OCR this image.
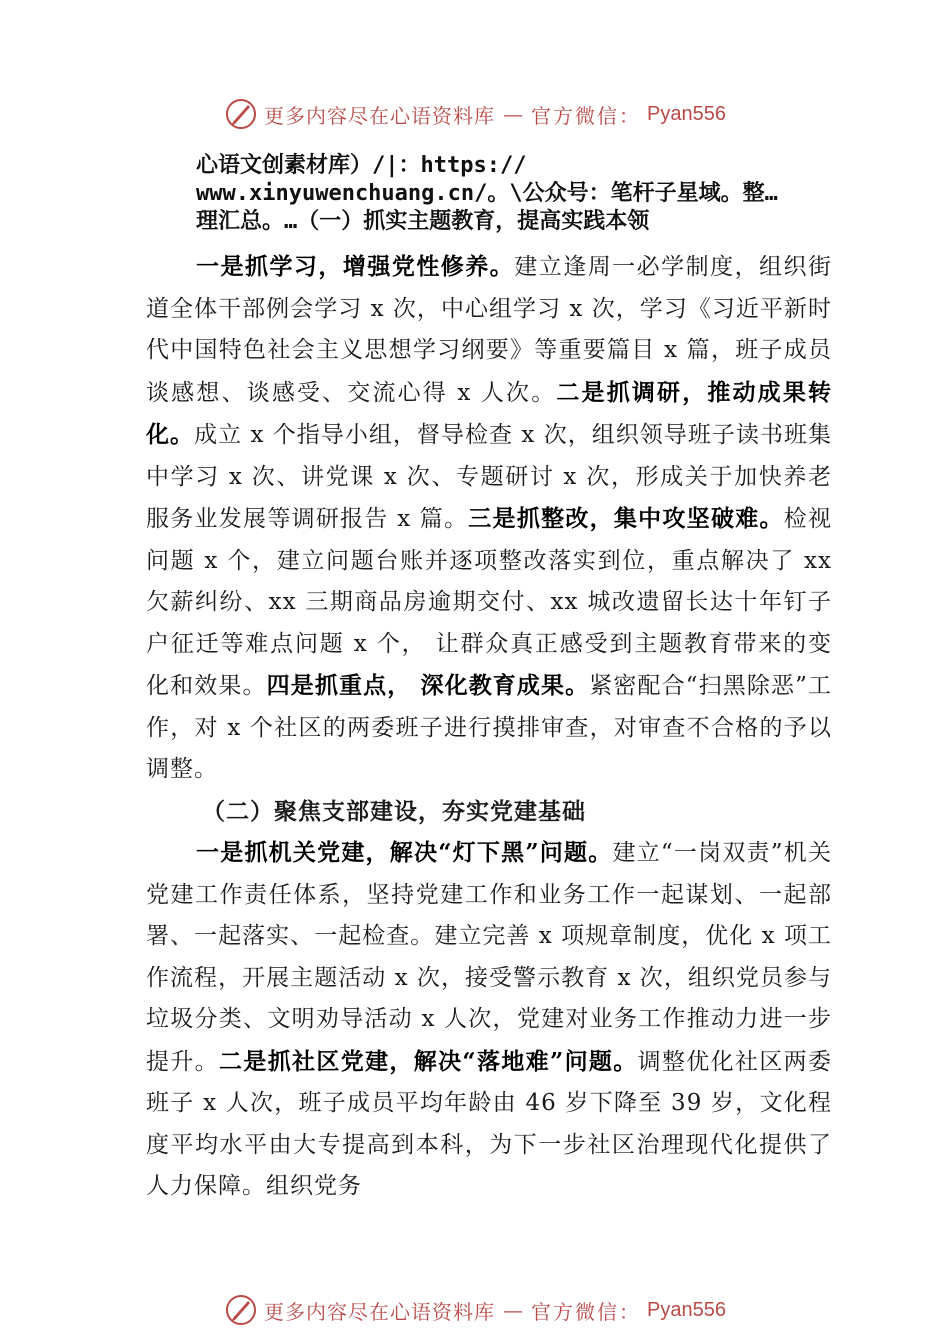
更多内容尽在心语资料库 — 官方微信： Pyan556
心语文创素材库）/|：https://
www.xinyuwenchuang.cn/。\公众号：笔杆子星域。整…
理汇总。…（一）抓实主题教育，提高实践本领

一是抓学习，增强党性修养。建立逢周一必学制度，组织街道全体干部例会学习 x 次，中心组学习 x 次，学习《习近平新时代中国特色社会主义思想学习纲要》等重要篇目 x 篇，班子成员谈感想、谈感受、交流心得 x 人次。二是抓调研，推动成果转化。成立 x 个指导小组，督导检查 x 次，组织领导班子读书班集中学习 x 次、讲党课 x 次、专题研讨 x 次，形成关于加快养老服务业发展等调研报告 x 篇。三是抓整改，集中攻坚破难。检视问题 x 个，建立问题台账并逐项整改落实到位，重点解决了 xx 欠薪纠纷、xx 三期商品房逾期交付、xx 城改遗留长达十年钉子户征迁等难点问题 x 个， 让群众真正感受到主题教育带来的变化和效果。四是抓重点， 深化教育成果。紧密配合“扫黑除恶”工作，对 x 个社区的两委班子进行摸排审查，对审查不合格的予以调整。

（二）聚焦支部建设，夯实党建基础

一是抓机关党建，解决“灯下黑”问题。建立“一岗双责”机关党建工作责任体系，坚持党建工作和业务工作一起谋划、一起部署、一起落实、一起检查。建立完善 x 项规章制度，优化 x 项工作流程，开展主题活动 x 次，接受警示教育 x 次，组织党员参与垃圾分类、文明劝导活动 x 人次，党建对业务工作推动力进一步提升。二是抓社区党建，解决“落地难”问题。调整优化社区两委班子 x 人次，班子成员平均年龄由 46 岁下降至 39 岁，文化程度平均水平由大专提高到本科，为下一步社区治理现代化提供了人力保障。组织党务

更多内容尽在心语资料库 — 官方微信： Pyan556
